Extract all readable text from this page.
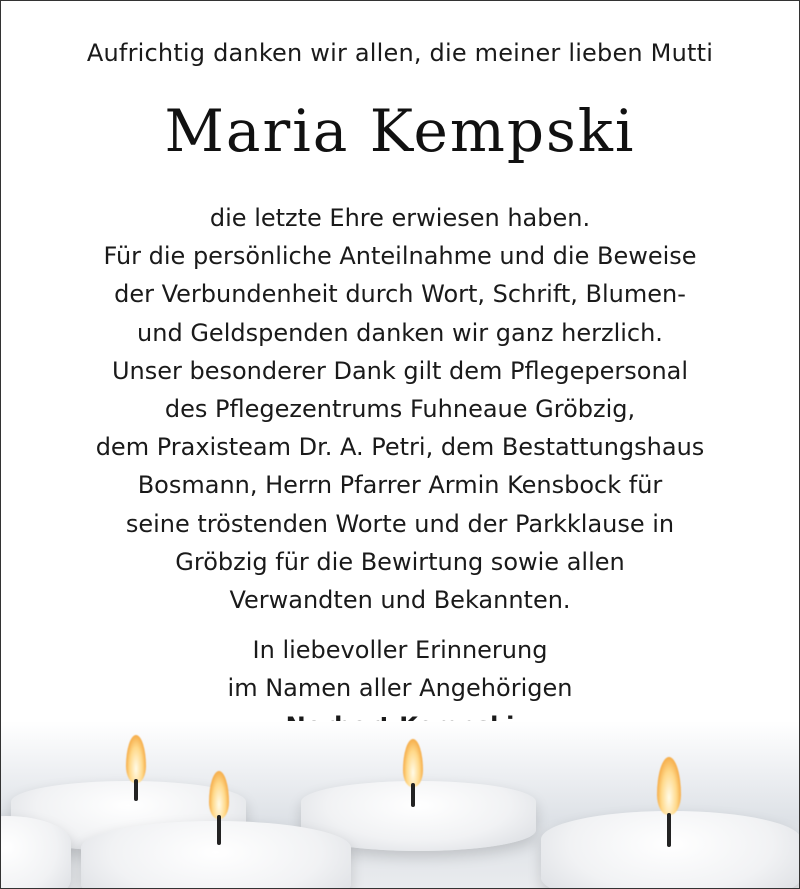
Aufrichtig danken wir allen, die meiner lieben Mutti
Maria Kempski
die letzte Ehre erwiesen haben.
Für die persönliche Anteilnahme und die Beweise
der Verbundenheit durch Wort, Schrift, Blumen-
und Geldspenden danken wir ganz herzlich.
Unser besonderer Dank gilt dem Pflegepersonal
des Pflegezentrums Fuhneaue Gröbzig,
dem Praxisteam Dr. A. Petri, dem Bestattungshaus
Bosmann, Herrn Pfarrer Armin Kensbock für
seine tröstenden Worte und der Parkklause in
Gröbzig für die Bewirtung sowie allen
Verwandten und Bekannten.
In liebevoller Erinnerung
im Namen aller Angehörigen
